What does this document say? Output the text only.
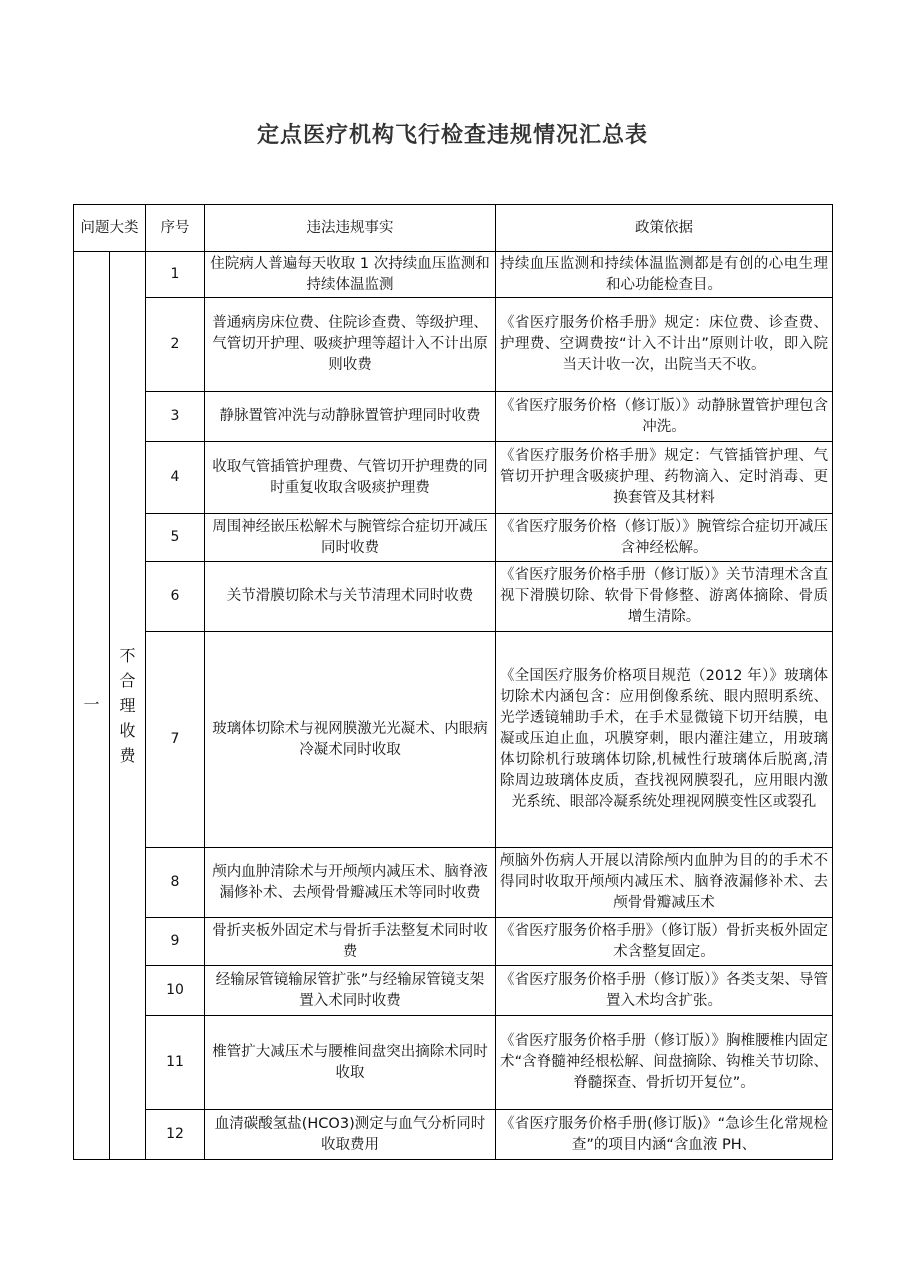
定点医疗机构飞行检查违规情况汇总表
问题大类		序号	违法违规事实	政策依据
一	不合理收费	1	住院病人普遍每天收取 1 次持续血压监测和持续体温监测	持续血压监测和持续体温监测都是有创的心电生理和心功能检查目。
		2	普通病房床位费、住院诊查费、等级护理、气管切开护理、吸痰护理等超计入不计出原则收费	《省医疗服务价格手册》规定：床位费、诊查费、护理费、空调费按“计入不计出”原则计收，即入院当天计收一次，出院当天不收。
		3	静脉置管冲洗与动静脉置管护理同时收费	《省医疗服务价格（修订版）》动静脉置管护理包含冲洗。
		4	收取气管插管护理费、气管切开护理费的同时重复收取含吸痰护理费	《省医疗服务价格手册》规定：气管插管护理、气管切开护理含吸痰护理、药物滴入、定时消毒、更换套管及其材料
		5	周围神经嵌压松解术与腕管综合症切开减压同时收费	《省医疗服务价格（修订版）》腕管综合症切开减压含神经松解。
		6	关节滑膜切除术与关节清理术同时收费	《省医疗服务价格手册（修订版）》关节清理术含直视下滑膜切除、软骨下骨修整、游离体摘除、骨质增生清除。
		7	玻璃体切除术与视网膜激光光凝术、内眼病冷凝术同时收取	《全国医疗服务价格项目规范（2012 年）》玻璃体切除术内涵包含：应用倒像系统、眼内照明系统、光学透镜辅助手术，在手术显微镜下切开结膜，电凝或压迫止血，巩膜穿刺，眼内灌注建立，用玻璃体切除机行玻璃体切除,机械性行玻璃体后脱离,清除周边玻璃体皮质，查找视网膜裂孔，应用眼内激光系统、眼部冷凝系统处理视网膜变性区或裂孔
		8	颅内血肿清除术与开颅颅内减压术、脑脊液漏修补术、去颅骨骨瓣减压术等同时收费	颅脑外伤病人开展以清除颅内血肿为目的的手术不得同时收取开颅颅内减压术、脑脊液漏修补术、去颅骨骨瓣减压术
		9	骨折夹板外固定术与骨折手法整复术同时收费	《省医疗服务价格手册》（修订版）骨折夹板外固定术含整复固定。
		10	经输尿管镜输尿管扩张”与经输尿管镜支架置入术同时收费	《省医疗服务价格手册（修订版）》各类支架、导管置入术均含扩张。
		11	椎管扩大减压术与腰椎间盘突出摘除术同时收取	《省医疗服务价格手册（修订版）》胸椎腰椎内固定术“含脊髓神经根松解、间盘摘除、钩椎关节切除、脊髓探查、骨折切开复位”。
		12	血清碳酸氢盐(HCO3)测定与血气分析同时收取费用	《省医疗服务价格手册(修订版)》“急诊生化常规检查”的项目内涵“含血液 PH、
